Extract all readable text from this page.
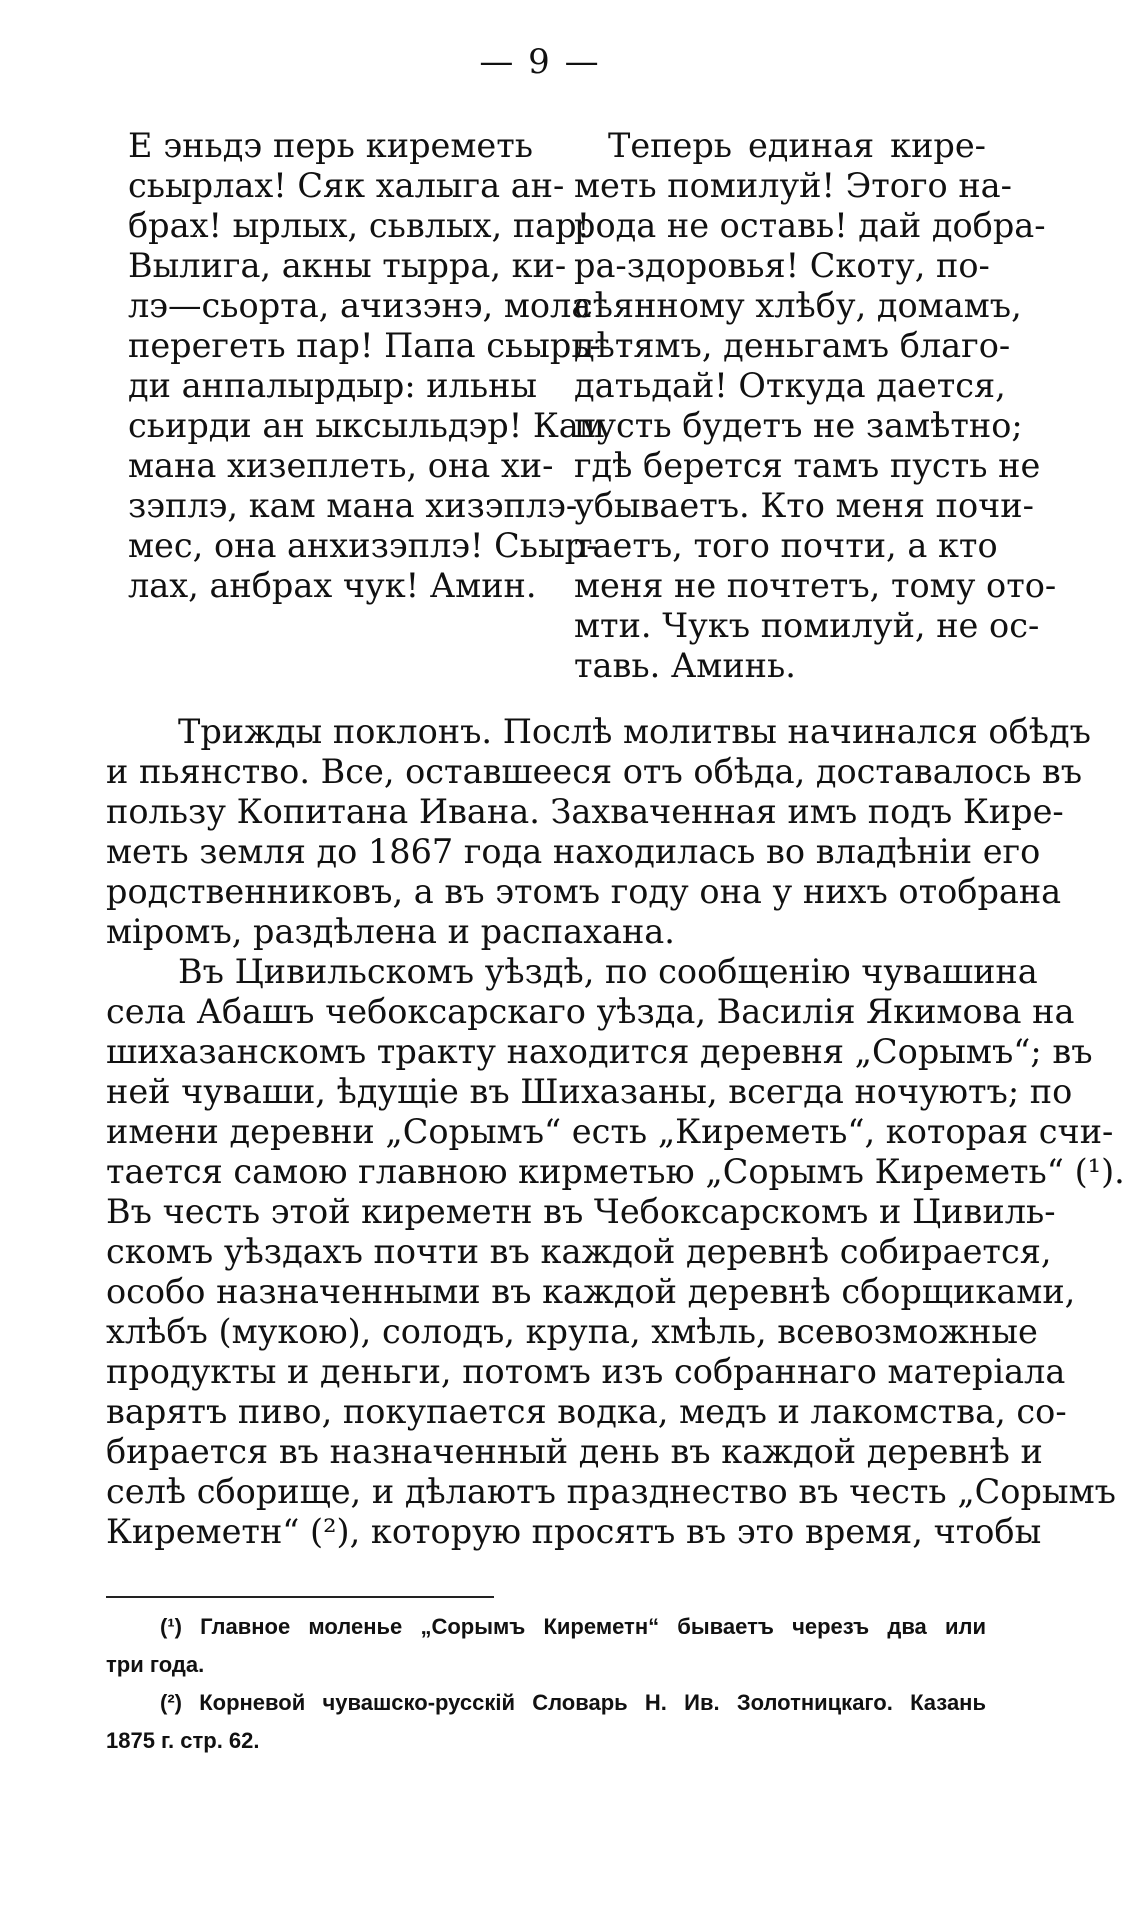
— 9 —
Е эньдэ перь киреметь
сьырлах! Сяк халыга ан-
брах! ырлых, сьвлых, пар!
Вылига, акны тырра, ки-
лэ—сьорта, ачизэнэ, мола
перегеть пар! Папа сьырь-
ди анпалырдыр: ильны
сьирди ан ыксыльдэр! Кам
мана хизеплеть, она хи-
зэплэ, кам мана хизэплэ-
мес, она анхизэплэ! Сьыр-
лах, анбрах чук! Амин.
Теперь единая кире-
меть помилуй! Этого на-
рода не оставь! дай добра-
ра-здоровья! Скоту, по-
сѣянному хлѣбу, домамъ,
дѣтямъ, деньгамъ благо-
датьдай! Откуда дается,
пусть будетъ не замѣтно;
гдѣ берется тамъ пусть не
убываетъ. Кто меня почи-
таетъ, того почти, а кто
меня не почтетъ, тому ото-
мти. Чукъ помилуй, не ос-
тавь. Аминь.
Трижды поклонъ. Послѣ молитвы начинался обѣдъ
и пьянство. Все, оставшееся отъ обѣда, доставалось въ
пользу Копитана Ивана. Захваченная имъ подъ Кире-
меть земля до 1867 года находилась во владѣніи его
родственниковъ, а въ этомъ году она у нихъ отобрана
міромъ, раздѣлена и распахана.
Въ Цивильскомъ уѣздѣ, по сообщенію чувашина
села Абашъ чебоксарскаго уѣзда, Василія Якимова на
шихазанскомъ тракту находится деревня „Сорымъ“; въ
ней чуваши, ѣдущіе въ Шихазаны, всегда ночуютъ; по
имени деревни „Сорымъ“ есть „Киреметь“, которая счи-
тается самою главною кирметью „Сорымъ Киреметь“ (¹).
Въ честь этой киреметн въ Чебоксарскомъ и Цивиль-
скомъ уѣздахъ почти въ каждой деревнѣ собирается,
особо назначенными въ каждой деревнѣ сборщиками,
хлѣбъ (мукою), солодъ, крупа, хмѣль, всевозможные
продукты и деньги, потомъ изъ собраннаго матеріала
варятъ пиво, покупается водка, медъ и лакомства, со-
бирается въ назначенный день въ каждой деревнѣ и
селѣ сборище, и дѣлаютъ празднество въ честь „Сорымъ
Киреметн“ (²), которую просятъ въ это время, чтобы
(¹) Главное моленье „Сорымъ Киреметн“ бываетъ черезъ два или
три года.
(²) Корневой чувашско-русскій Словарь Н. Ив. Золотницкаго. Казань
1875 г. стр. 62.
